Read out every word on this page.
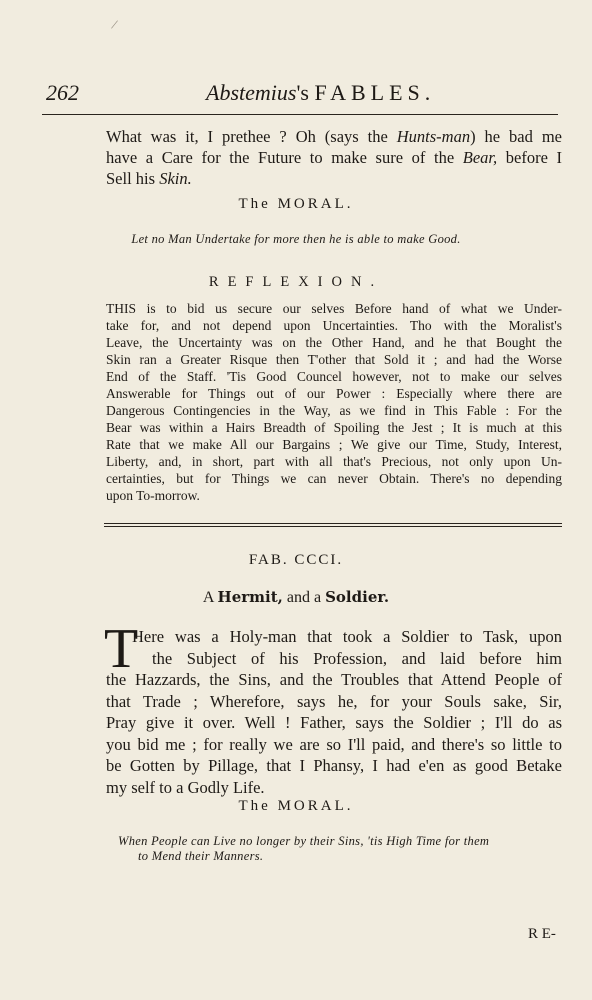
/
262	Abstemius's FABLES.
What was it, I prethee ? Oh (says the Hunts-man) he bad me
have a Care for the Future to make sure of the Bear, before I
Sell his Skin.
The MORAL.
Let no Man Undertake for more then he is able to make Good.
REFLEXION.
THIS is to bid us secure our selves Before hand of what we Under-
take for, and not depend upon Uncertainties. Tho with the Moralist's
Leave, the Uncertainty was on the Other Hand, and he that Bought the
Skin ran a Greater Risque then T'other that Sold it ; and had the Worse
End of the Staff. 'Tis Good Councel however, not to make our selves
Answerable for Things out of our Power : Especially where there are
Dangerous Contingencies in the Way, as we find in This Fable : For the
Bear was within a Hairs Breadth of Spoiling the Jest ; It is much at this
Rate that we make All our Bargains ; We give our Time, Study, Interest,
Liberty, and, in short, part with all that's Precious, not only upon Un-
certainties, but for Things we can never Obtain. There's no depending
upon To-morrow.
FAB. CCCI.
A Hermit, and a Soldier.
T
Here was a Holy-man that took a Soldier to Task, upon
the Subject of his Profession, and laid before him
the Hazzards, the Sins, and the Troubles that Attend People of
that Trade ; Wherefore, says he, for your Souls sake, Sir,
Pray give it over. Well ! Father, says the Soldier ; I'll do as
you bid me ; for really we are so I'll paid, and there's so little to
be Gotten by Pillage, that I Phansy, I had e'en as good Betake
my self to a Godly Life.
The MORAL.
When People can Live no longer by their Sins, 'tis High Time for them
to Mend their Manners.
R E-
